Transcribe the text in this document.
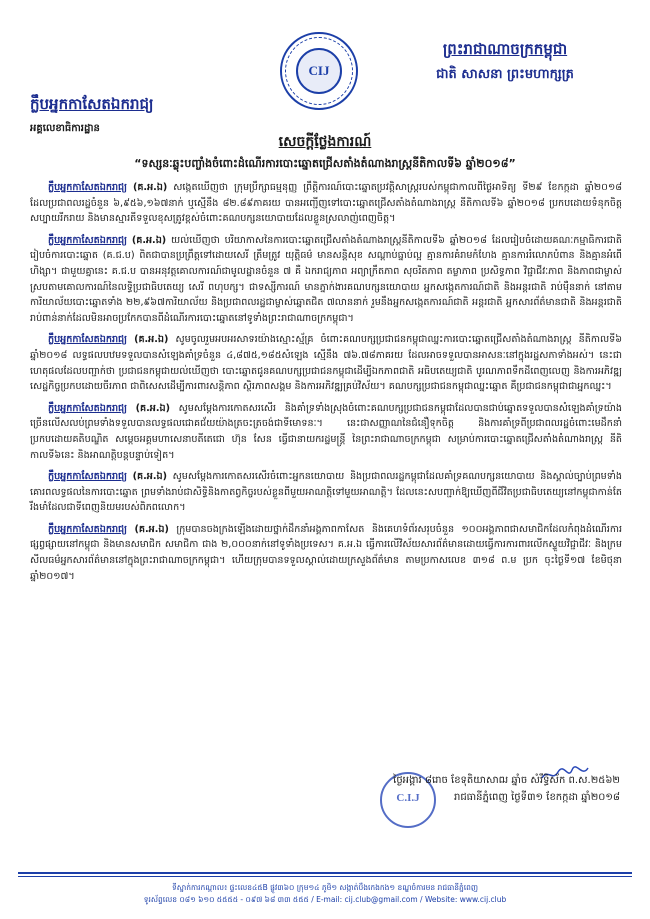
ព្រះរាជាណាចក្រកម្ពុជា
ជាតិ សាសនា ព្រះមហាក្សត្រ
CIJ
ក្លឹបអ្នកកាសែតឯករាជ្យ
អគ្គលេខាធិការដ្ឋាន
សេចក្តីថ្លែងការណ៍
“ទស្សនៈឆ្លុះបញ្ចាំងចំពោះដំណើរការបោះឆ្នោតជ្រើសតាំងតំណាងរាស្ត្រនីតិកាលទី៦ ឆ្នាំ២០១៨”

ក្លឹបអ្នកកាសែតឯករាជ្យ (គ.អ.ឯ) សង្កេតឃើញថា ក្រុមប្រឹក្សាធម្មនុញ្ញ ព្រឹត្តិការណ៍បោះឆ្នោតប្រវត្តិសាស្ត្ររបស់កម្ពុជាកាលពីថ្ងៃអាទិត្យ ទី២៩ ខែកក្កដា ឆ្នាំ២០១៨ ដែលប្រជាពលរដ្ឋចំនួន ៦,៩៥៦,១៦៧នាក់ ឬស្មើនឹង ៨២.៨៩ភាគរយ បានអញ្ជើញទៅបោះឆ្នោតជ្រើសតាំងតំណាងរាស្ត្រ នីតិកាលទី៦ ឆ្នាំ២០១៨ ប្រកបដោយទំនុកចិត្ត សប្បាយរីករាយ និងមានស្មារតីទទួលខុសត្រូវខ្ពស់ចំពោះគណបក្សនយោបាយដែលខ្លួនស្រលាញ់ពេញចិត្ត។

ក្លឹបអ្នកកាសែតឯករាជ្យ (គ.អ.ឯ) យល់ឃើញថា បរិយាកាសនៃការបោះឆ្នោតជ្រើសតាំងតំណាងរាស្ត្រនីតិកាលទី៦ ឆ្នាំ២០១៨ ដែលរៀបចំដោយគណៈកម្មាធិការជាតិរៀបចំការបោះឆ្នោត (គ.ជ.ប) ពិតជាបានប្រព្រឹត្តទៅដោយសេរី ត្រឹមត្រូវ យុត្តិធម៌ មានសន្តិសុខ សណ្តាប់ធ្នាប់ល្អ គ្មានការគំរាមកំហែង គ្មានការរំលោភបំពាន និងគ្មានអំពើហិង្សា។ ជាមួយគ្នានេះ គ.ជ.ប បានអនុវត្តគោលការណ៍ជាមូលដ្ឋានចំនួន ៧ គឺ ឯករាជ្យភាព អព្យាក្រឹតភាព សុចរិតភាព តម្លាភាព ប្រសិទ្ធភាព វិជ្ជាជីវៈភាព និងភាពជាម្ចាស់ ស្របតាមគោលការណ៍នៃលទ្ធិប្រជាធិបតេយ្យ សេរី ពហុបក្ស។ ជាទស្សីការណ៍ មានភ្នាក់ងារគណបក្សនយោបាយ អ្នកសង្កេតការណ៍ជាតិ និងអន្តរជាតិ រាប់ម៉ឺននាក់ នៅតាមការិយាល័យបោះឆ្នោតទាំង ២២,៩៦៧ការិយាល័យ និងប្រជាពលរដ្ឋជាម្ចាស់ឆ្នោតជិត ៧លាននាក់ រួមនឹងអ្នកសង្កេតការណ៍ជាតិ អន្តរជាតិ អ្នកសារព័ត៌មានជាតិ និងអន្តរជាតិរាប់ពាន់នាក់ដែលមិនអាចប្រកែកបានពីដំណើរការបោះឆ្នោតនៅទូទាំងព្រះរាជាណាចក្រកម្ពុជា។

ក្លឹបអ្នកកាសែតឯករាជ្យ (គ.អ.ឯ) សូមចូលរួមអបអរសាទរយ៉ាងស្មោះស្ម័គ្រ ចំពោះគណបក្សប្រជាជនកម្ពុជាឈ្នះការបោះឆ្នោតជ្រើសតាំងតំណាងរាស្ត្រ នីតិកាលទី៦ ឆ្នាំ២០១៨ លទ្ធផលបឋមទទួលបានសំឡេងគាំទ្រចំនួន ៤,៨៧៥,១៨៥សំឡេង ស្មើនឹង ៧៦.៧៨ភាគរយ ដែលអាចទទួលបានអាសនៈនៅក្នុងរដ្ឋសភាទាំងអស់។ នេះជាហេតុផលដែលបញ្ជាក់ថា ប្រជាជនកម្ពុជាយល់ឃើញថា បោះឆ្នោតជូនគណបក្សប្រជាជនកម្ពុជាដើម្បីឯកភាពជាតិ អធិបតេយ្យជាតិ បូរណភាពទឹកដីពេញលេញ និងការអភិវឌ្ឍសេដ្ឋកិច្ចប្រកបដោយចីរភាព ជាពិសេសដើម្បីការពារសន្តិភាព ស្ថិរភាពសង្គម និងការអភិវឌ្ឍគ្រប់វិស័យ។ គណបក្សប្រជាជនកម្ពុជាឈ្នះឆ្នោត គឺប្រជាជនកម្ពុជាជាអ្នកឈ្នះ។

ក្លឹបអ្នកកាសែតឯករាជ្យ (គ.អ.ឯ) សូមសម្តែងការកោតសរសើរ និងគាំទ្រទាំងស្រុងចំពោះគណបក្សប្រជាជនកម្ពុជាដែលបានជាប់ឆ្នោតទទួលបានសំឡេងគាំទ្រយ៉ាងច្រើនលើសលប់ព្រមទាំងទទួលបានលទ្ធផលជោគជ័យយ៉ាងត្រចះត្រចង់ជាទីមោទនៈ។ នេះជាសញ្ញាណនៃជំនឿទុកចិត្ត និងការគាំទ្រពីប្រជាពលរដ្ឋចំពោះមេដឹកនាំប្រកបដោយគតិបណ្ឌិត សម្តេចអគ្គមហាសេនាបតីតេជោ ហ៊ុន សែន ធ្វើជានាយករដ្ឋមន្ត្រី នៃព្រះរាជាណាចក្រកម្ពុជា សម្រាប់ការបោះឆ្នោតជ្រើសតាំងតំណាងរាស្ត្រ នីតិកាលទី៦នេះ និងអាណត្តិបន្តបន្ទាប់ទៀត។

ក្លឹបអ្នកកាសែតឯករាជ្យ (គ.អ.ឯ) សូមសម្តែងការកោតសរសើរចំពោះអ្នកនយោបាយ និងប្រជាពលរដ្ឋកម្ពុជាដែលគាំទ្រគណបក្សនយោបាយ និងស្គាល់ច្បាប់ព្រមទាំងគោរពលទ្ធផលនៃការបោះឆ្នោត ព្រមទាំងរាប់ជាសិទ្ធិនិងកាតព្វកិច្ចរបស់ខ្លួនពីមួយអាណត្តិទៅមួយអាណត្តិ។ ដែលនេះសបញ្ជាក់ឱ្យឃើញពីជីវិតប្រជាធិបតេយ្យនៅកម្ពុជាកាន់តែរឹងមាំដែលជាទីពេញនិយមរបស់ពិភពលោក។

ក្លឹបអ្នកកាសែតឯករាជ្យ (គ.អ.ឯ) ក្រុមបានចងក្រងឡើងដោយថ្នាក់ដឹកនាំអង្គភាពកាសែត និងគេហទំព័រសរុបចំនួន ១០០អង្គភាពជាសមាជិកដែលកំពុងដំណើរការផ្សព្វផ្សាយនៅកម្ពុជា និងមានសមាជិក សមាជិកា ជាង ២,០០០នាក់នៅទូទាំងប្រទេស។ គ.អ.ឯ ធ្វើការលើវិស័យសារព័ត៌មានដោយធ្វើការការពារលើកស្ទួយវិជ្ជាជីវៈ និងក្រមសីលធម៌អ្នកសារព័ត៌មាននៅក្នុងព្រះរាជាណាចក្រកម្ពុជា។ ហើយក្រុមបានទទួលស្គាល់ដោយក្រសួងព័ត៌មាន តាមប្រកាសលេខ ៣១៨ ព.ម ប្រក ចុះថ្ងៃទី១៧ ខែមិថុនា ឆ្នាំ២០១៧។

C.I.J
ថ្ងៃអង្គារ ៨រោច ខែទុតិយាសាឍ ឆ្នាំច សំរឹទ្ធិស័ក ព.ស.២៥៦២
រាជធានីភ្នំពេញ ថ្ងៃទី៣១ ខែកក្កដា ឆ្នាំ២០១៨
ទីស្នាក់ការកណ្តាល៖ ផ្ទះលេខ៤៥B ផ្លូវ៣៦០ ក្រុម១៤ ភូមិ១ សង្កាត់បឹងកេងកង១ ខណ្ឌចំការមន រាជធានីភ្នំពេញ
ទូរស័ព្ទលេខ ០៨១ ៦១០ ៥៥៥៥ - ០៩៧ ៦៨ ៣៣ ៥៥៥ / E-mail: cij.club@gmail.com / Website: www.cij.club
